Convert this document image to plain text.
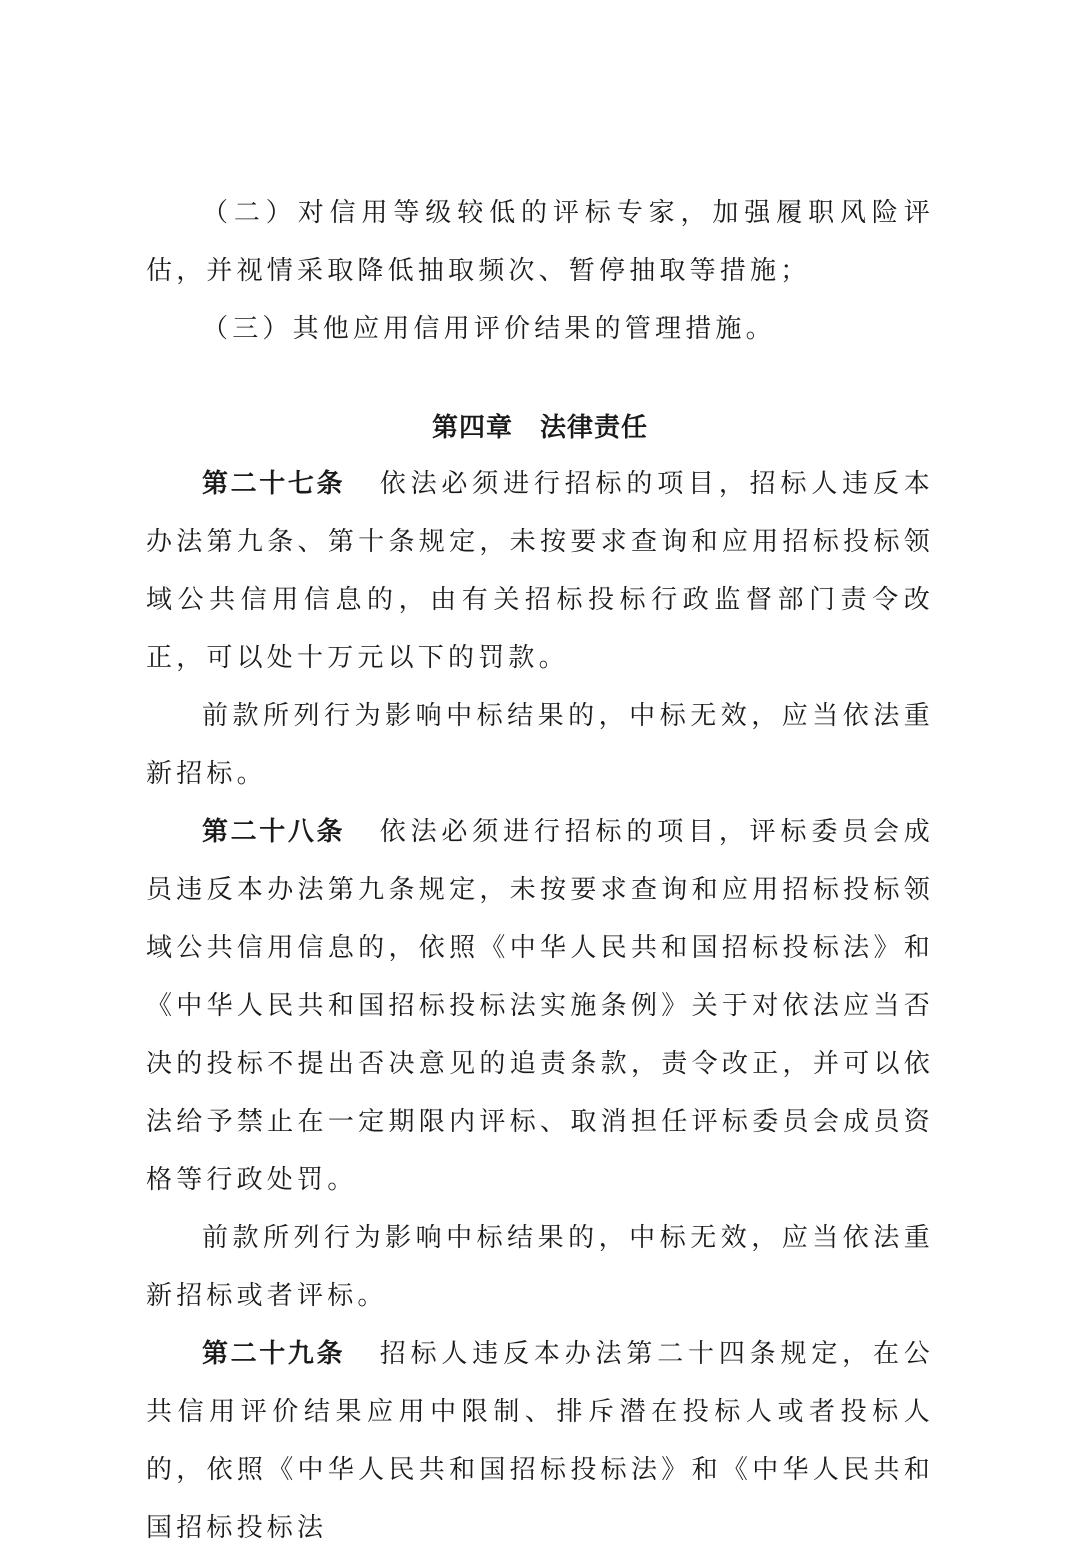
（二）对信用等级较低的评标专家，加强履职风险评估，并视情采取降低抽取频次、暂停抽取等措施；

（三）其他应用信用评价结果的管理措施。

第四章　法律责任

第二十七条 依法必须进行招标的项目，招标人违反本办法第九条、第十条规定，未按要求查询和应用招标投标领域公共信用信息的，由有关招标投标行政监督部门责令改正，可以处十万元以下的罚款。

前款所列行为影响中标结果的，中标无效，应当依法重新招标。

第二十八条 依法必须进行招标的项目，评标委员会成员违反本办法第九条规定，未按要求查询和应用招标投标领域公共信用信息的，依照《中华人民共和国招标投标法》和《中华人民共和国招标投标法实施条例》关于对依法应当否决的投标不提出否决意见的追责条款，责令改正，并可以依法给予禁止在一定期限内评标、取消担任评标委员会成员资格等行政处罚。

前款所列行为影响中标结果的，中标无效，应当依法重新招标或者评标。

第二十九条 招标人违反本办法第二十四条规定，在公共信用评价结果应用中限制、排斥潜在投标人或者投标人的，依照《中华人民共和国招标投标法》和《中华人民共和国招标投标法
